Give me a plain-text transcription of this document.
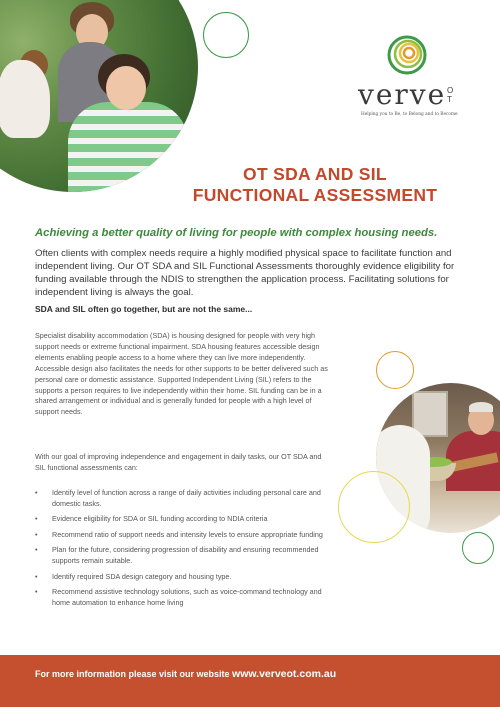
verve O T
Helping you to Be, to Belong and to Become
OT SDA AND SIL
FUNCTIONAL ASSESSMENT
Achieving a better quality of living for people with complex housing needs.

Often clients with complex needs require a highly modified physical space to facilitate function and independent living. Our OT SDA and SIL Functional Assessments thoroughly evidence eligibility for funding available through the NDIS to strengthen the application process. Facilitating solutions for independent living is always the goal.

SDA and SIL often go together, but are not the same...

Specialist disability accommodation (SDA) is housing designed for people with very high support needs or extreme functional impairment. SDA housing features accessible design elements enabling people access to a home where they can live more independently. Accessible design also facilitates the needs for other supports to be better delivered such as personal care or domestic assistance. Supported Independent Living (SIL) refers to the supports a person requires to live independently within their home. SIL funding can be in a shared arrangement or individual and is generally funded for people with a high level of support needs.

With our goal of improving independence and engagement in daily tasks, our OT SDA and SIL functional assessments can:

• Identify level of function across a range of daily activities including personal care and domestic tasks.
• Evidence eligibility for SDA or SIL funding according to NDIA criteria
• Recommend ratio of support needs and intensity levels to ensure appropriate funding
• Plan for the future, considering progression of disability and ensuring recommended supports remain suitable.
• Identify required SDA design category and housing type.
• Recommend assistive technology solutions, such as voice-command technology and home automation to enhance home living
For more information please visit our website www.verveot.com.au
